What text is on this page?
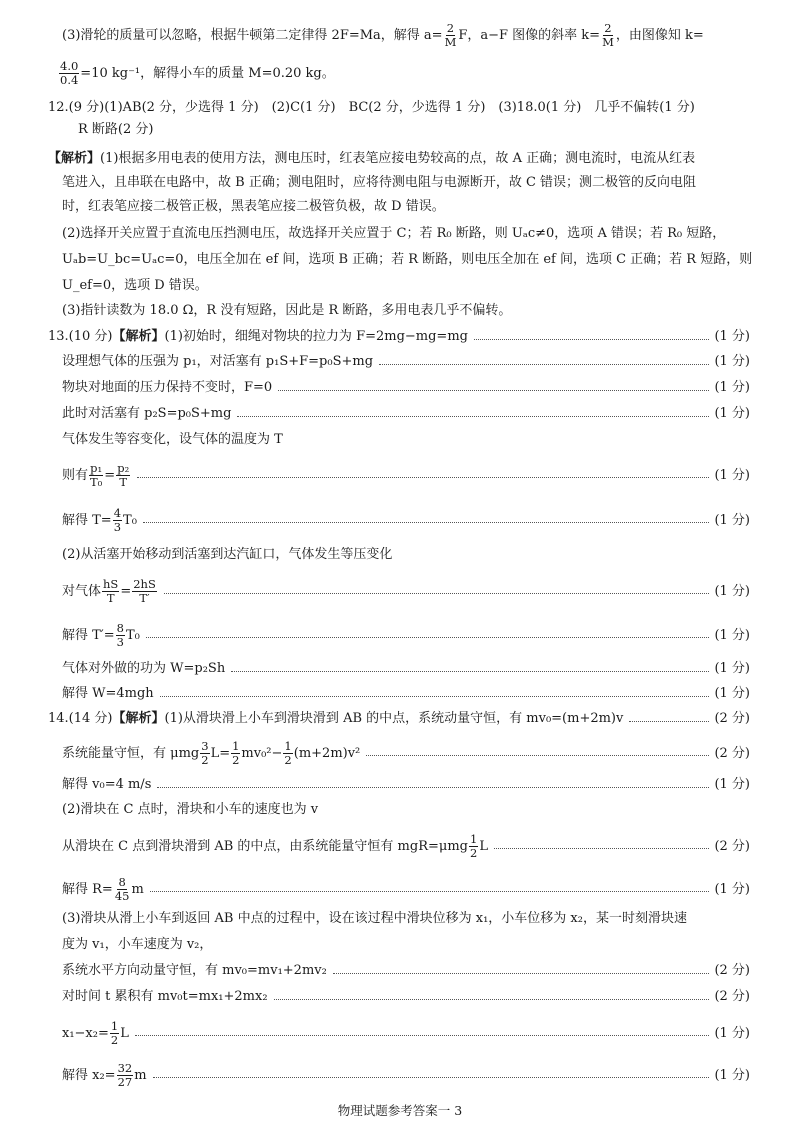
(3)滑轮的质量可以忽略，根据牛顿第二定律得 2F=Ma，解得 $a= \frac{2}{M}$ F，a−F 图像的斜率 $k= \frac{2}{M}$ ，由图像知 k=
$\frac{4.0}{0.4} =10$ kg⁻¹，解得小车的质量 M=0.20 kg。
12.(9 分)(1)AB(2 分，少选得 1 分)　(2)C(1 分)　BC(2 分，少选得 1 分)　(3)18.0(1 分)　几乎不偏转(1 分)
R 断路(2 分)
【解析】 (1)根据多用电表的使用方法，测电压时，红表笔应接电势较高的点，故 A 正确；测电流时，电流从红表
笔进入，且串联在电路中，故 B 正确；测电阻时，应将待测电阻与电源断开，故 C 错误；测二极管的反向电阻
时，红表笔应接二极管正极，黑表笔应接二极管负极，故 D 错误。
(2)选择开关应置于直流电压挡测电压，故选择开关应置于 C；若 R₀ 断路，则 Uₐc≠0，选项 A 错误；若 R₀ 短路，
Uₐb=U_bc=Uₐc=0，电压全加在 ef 间，选项 B 正确；若 R 断路，则电压全加在 ef 间，选项 C 正确；若 R 短路，则
U_ef=0，选项 D 错误。
(3)指针读数为 18.0 Ω，R 没有短路，因此是 R 断路，多用电表几乎不偏转。
13.(10 分) 【解析】 (1)初始时，细绳对物块的拉力为 F=2mg−mg=mg	(1 分)
设理想气体的压强为 p₁，对活塞有 p₁S+F=p₀S+mg	(1 分)
物块对地面的压力保持不变时，F=0	(1 分)
此时对活塞有 p₂S=p₀S+mg	(1 分)
气体发生等容变化，设气体的温度为 T
则有 $\frac{\text{p₁}}{\text{T₀}} = \frac{\text{p₂}}{T}$	(1 分)
解得 $T= \frac{4}{3} T_0$	(1 分)
(2)从活塞开始移动到活塞到达汽缸口，气体发生等压变化
对气体 $\frac{hS}{T} = \frac{2hS}{T'}$	(1 分)
解得 $T'= \frac{8}{3} T_0$	(1 分)
气体对外做的功为 W=p₂Sh	(1 分)
解得 W=4mgh	(1 分)
14.(14 分) 【解析】 (1)从滑块滑上小车到滑块滑到 AB 的中点，系统动量守恒，有 mv₀=(m+2m)v	(2 分)
系统能量守恒，有 μmg 3
2 $L= \frac{1}{2} mv_0^2- \frac{1}{2} (m+2m)v^2$	(2 分)
解得 v₀=4 m/s	(1 分)
(2)滑块在 C 点时，滑块和小车的速度也为 v
从滑块在 C 点到滑块滑到 AB 的中点，由系统能量守恒有 mgR=μmg 1
2 L	(2 分)
解得 $R= \frac{8}{45}$ m	(1 分)
(3)滑块从滑上小车到返回 AB 中点的过程中，设在该过程中滑块位移为 x₁，小车位移为 x₂，某一时刻滑块速
度为 v₁，小车速度为 v₂，
系统水平方向动量守恒，有 mv₀=mv₁+2mv₂	(2 分)
对时间 t 累积有 mv₀t=mx₁+2mx₂	(2 分)
$x_1-x_2= \frac{1}{2}$ L	(1 分)
解得 $x_2= \frac{32}{27}$ m	(1 分)
物理试题参考答案一 3
